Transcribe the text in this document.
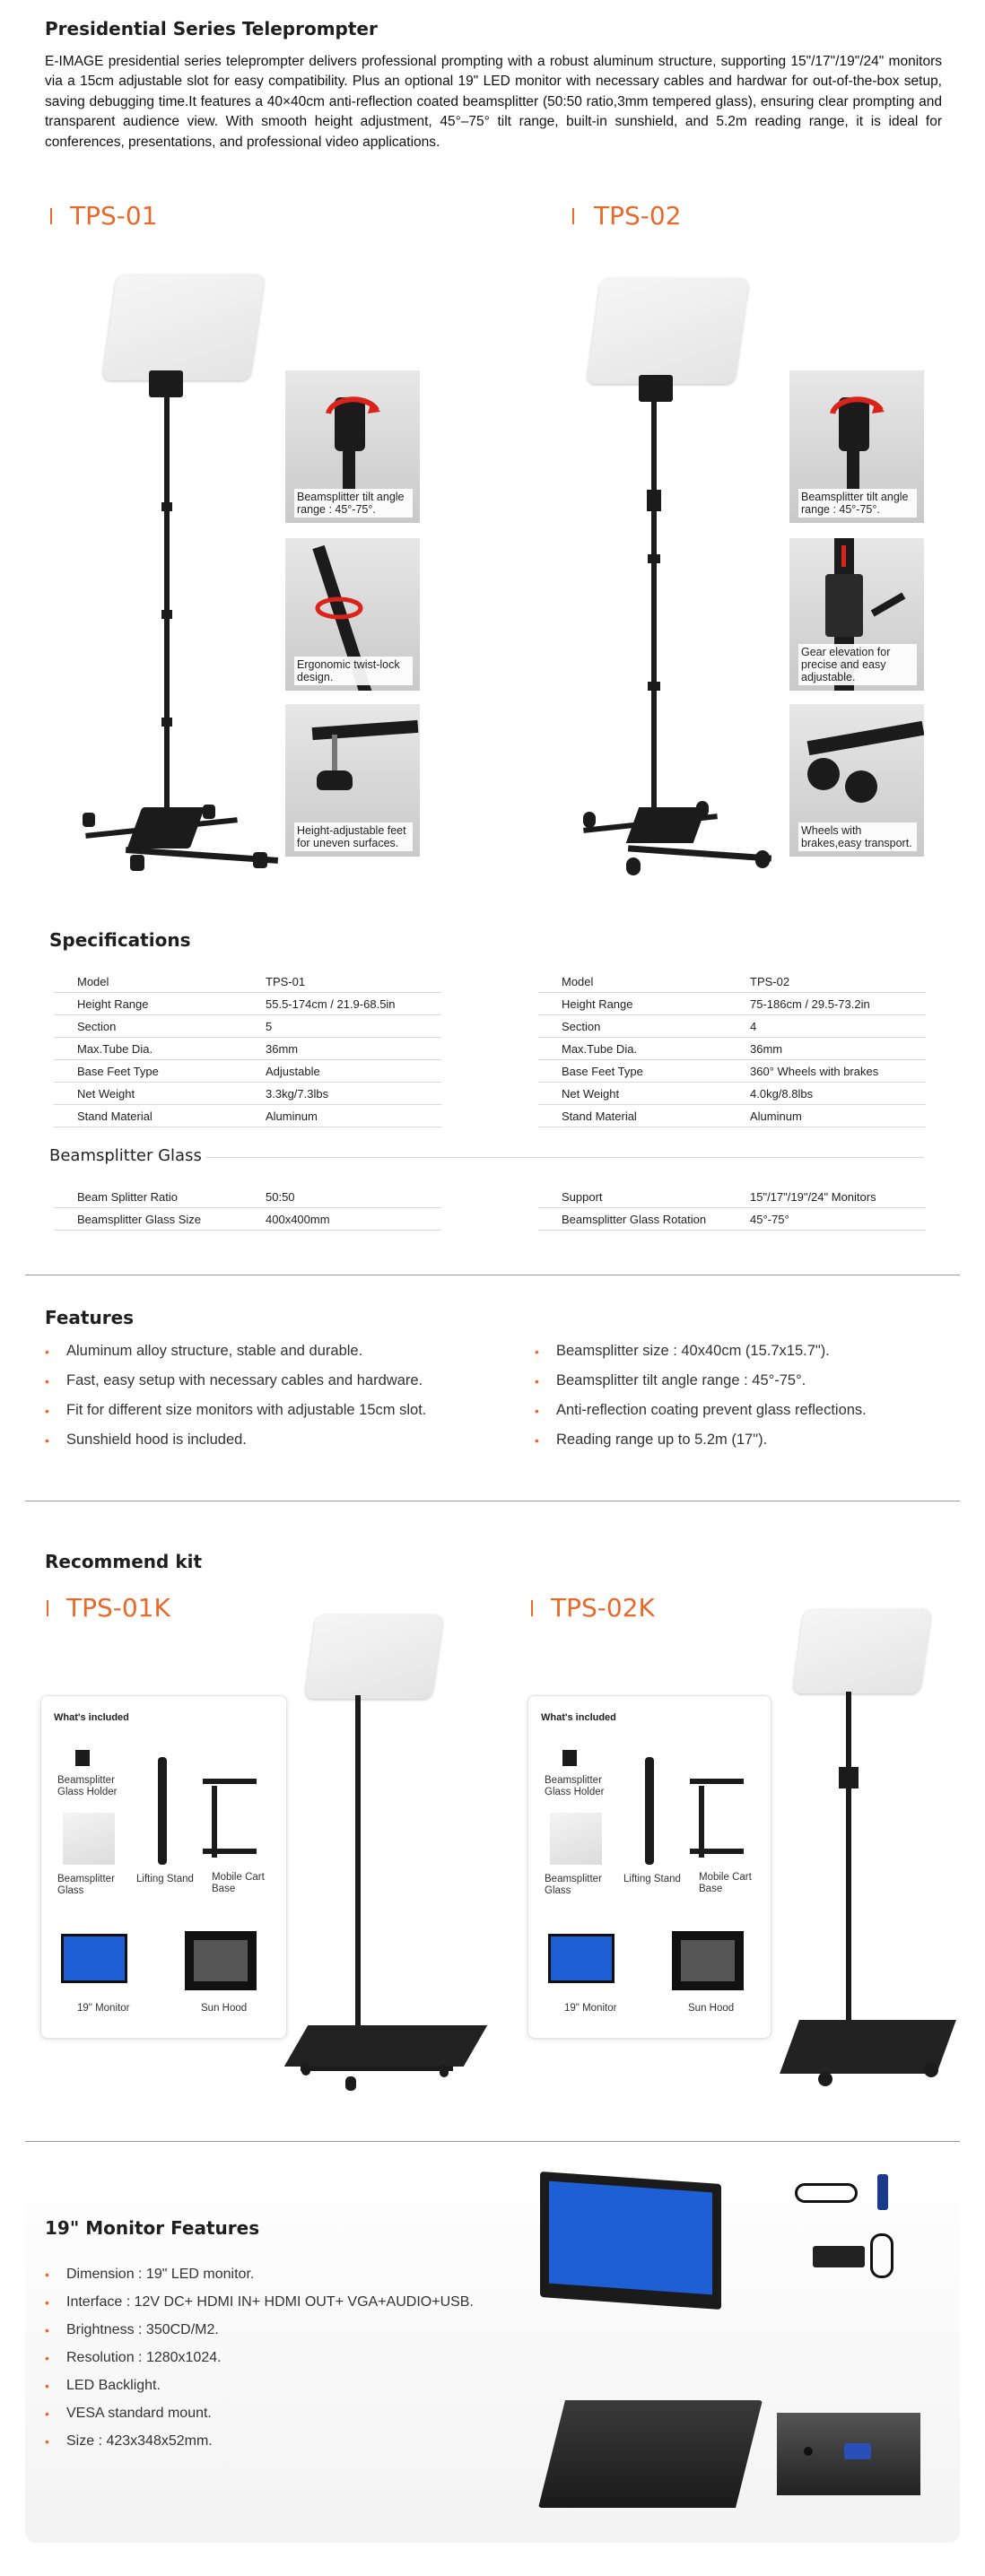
Presidential Series Teleprompter
E-IMAGE presidential series teleprompter delivers professional prompting with a robust aluminum structure, supporting 15"/17"/19"/24" monitors via a 15cm adjustable slot for easy compatibility. Plus an optional 19" LED monitor with necessary cables and hardwar for out-of-the-box setup, saving debugging time.It features a 40×40cm anti-reflection coated beamsplitter (50:50 ratio,3mm tempered glass), ensuring clear prompting and transparent audience view. With smooth height adjustment, 45°–75° tilt range, built-in sunshield, and 5.2m reading range, it is ideal for conferences, presentations, and professional video applications.
TPS-01
Beamsplitter tilt angle range : 45°-75°.
Ergonomic twist-lock design.
Height-adjustable feet for uneven surfaces.
TPS-02
Beamsplitter tilt angle range : 45°-75°.
Gear elevation for precise and easy adjustable.
Wheels with brakes,easy transport.
Specifications
Model	TPS-01
Height Range	55.5-174cm / 21.9-68.5in
Section	5
Max.Tube Dia.	36mm
Base Feet Type	Adjustable
Net Weight	3.3kg/7.3lbs
Stand Material	Aluminum
Model	TPS-02
Height Range	75-186cm / 29.5-73.2in
Section	4
Max.Tube Dia.	36mm
Base Feet Type	360° Wheels with brakes
Net Weight	4.0kg/8.8lbs
Stand Material	Aluminum
Beamsplitter Glass
Beam Splitter Ratio	50:50
Beamsplitter Glass Size	400x400mm
Support	15"/17"/19"/24" Monitors
Beamsplitter Glass Rotation	45°-75°
Features
•	Aluminum alloy structure, stable and durable.
•	Fast, easy setup with necessary cables and hardware.
•	Fit for different size monitors with adjustable 15cm slot.
•	Sunshield hood is included.
•	Beamsplitter size : 40x40cm (15.7x15.7").
•	Beamsplitter tilt angle range : 45°-75°.
•	Anti-reflection coating prevent glass reflections.
•	Reading range up to 5.2m (17").
Recommend kit
TPS-01K
What's included
Beamsplitter Glass Holder
Lifting Stand
Beamsplitter Glass
Mobile Cart Base
19" Monitor	Sun Hood
TPS-02K
What's included
Beamsplitter Glass Holder
Lifting Stand
Beamsplitter Glass
Mobile Cart Base
19" Monitor	Sun Hood
19" Monitor Features
•	Dimension : 19" LED monitor.
•	Interface : 12V DC+ HDMI IN+ HDMI OUT+ VGA+AUDIO+USB.
•	Brightness : 350CD/M2.
•	Resolution : 1280x1024.
•	LED Backlight.
•	VESA standard mount.
•	Size : 423x348x52mm.
